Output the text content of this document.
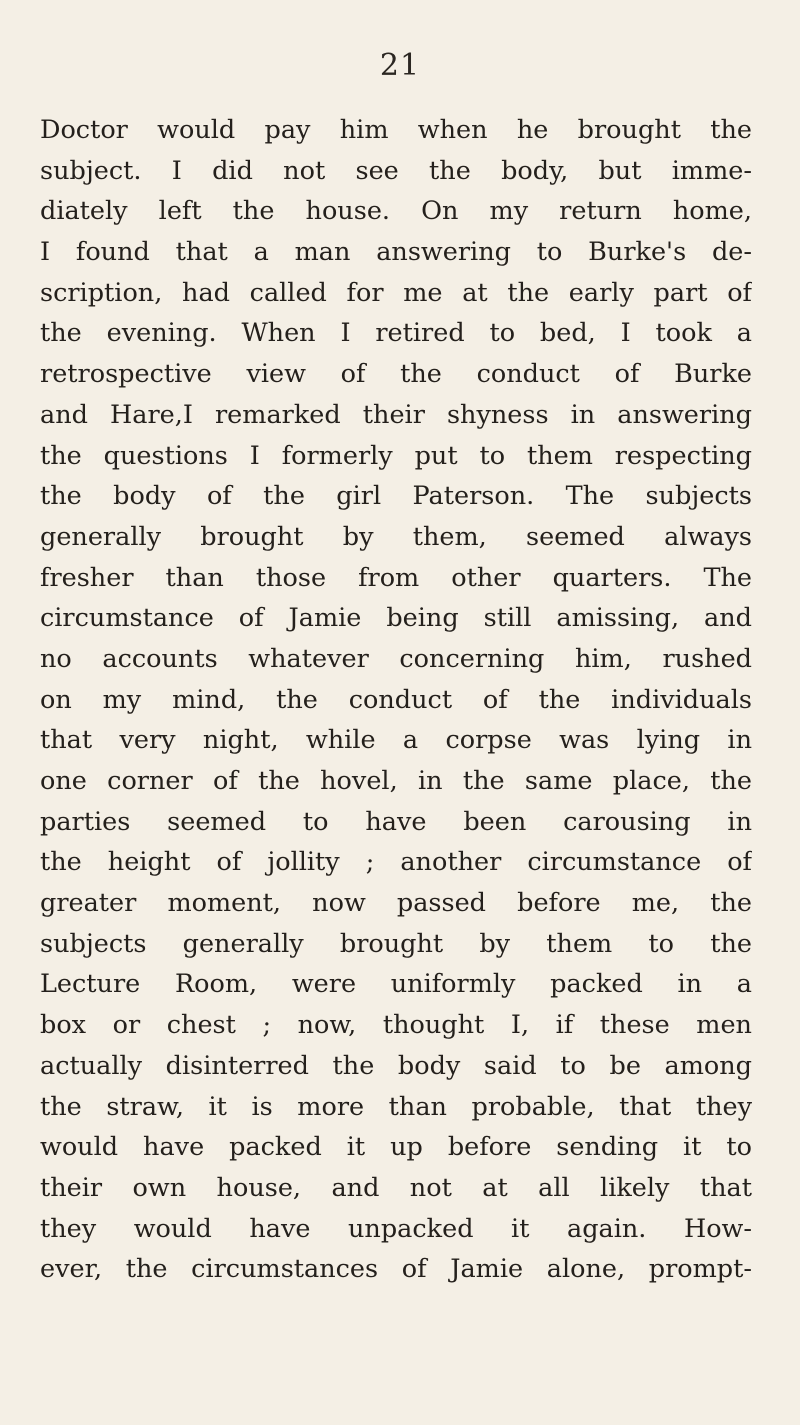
21
Doctor would pay him when he brought the
subject. I did not see the body, but imme-
diately left the house. On my return home,
I found that a man answering to Burke's de-
scription, had called for me at the early part of
the evening. When I retired to bed, I took a
retrospective view of the conduct of Burke
and Hare,I remarked their shyness in answering
the questions I formerly put to them respecting
the body of the girl Paterson. The subjects
generally brought by them, seemed always
fresher than those from other quarters. The
circumstance of Jamie being still amissing, and
no accounts whatever concerning him, rushed
on my mind, the conduct of the individuals
that very night, while a corpse was lying in
one corner of the hovel, in the same place, the
parties seemed to have been carousing in
the height of jollity ; another circumstance of
greater moment, now passed before me, the
subjects generally brought by them to the
Lecture Room, were uniformly packed in a
box or chest ; now, thought I, if these men
actually disinterred the body said to be among
the straw, it is more than probable, that they
would have packed it up before sending it to
their own house, and not at all likely that
they would have unpacked it again. How-
ever, the circumstances of Jamie alone, prompt-
